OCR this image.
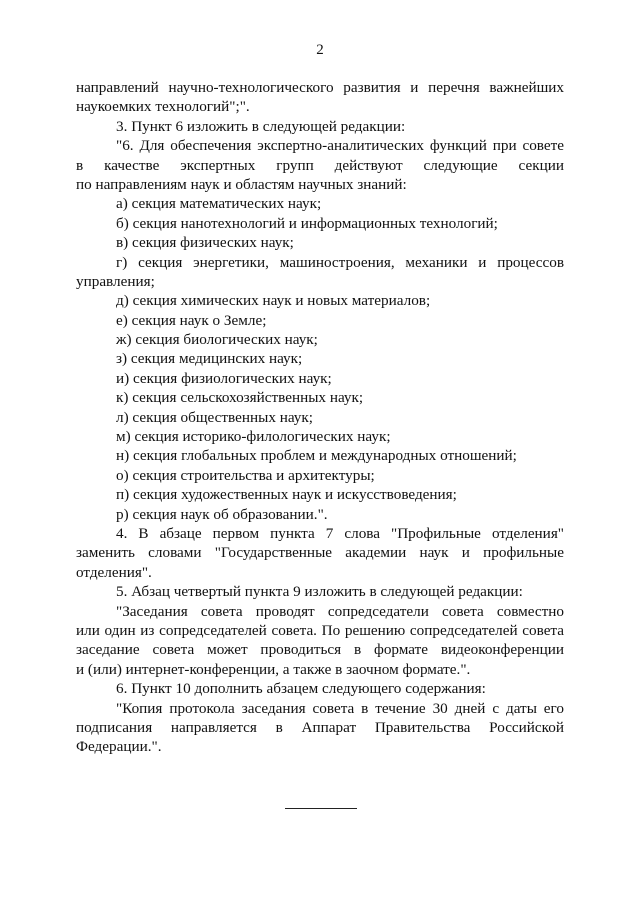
2
направлений научно-технологического развития и перечня важнейших
наукоемких технологий";".
3. Пункт 6 изложить в следующей редакции:
"6. Для обеспечения экспертно-аналитических функций при совете
в качестве экспертных групп действуют следующие секции
по направлениям наук и областям научных знаний:
а) секция математических наук;
б) секция нанотехнологий и информационных технологий;
в) секция физических наук;
г) секция энергетики, машиностроения, механики и процессов
управления;
д) секция химических наук и новых материалов;
е) секция наук о Земле;
ж) секция биологических наук;
з) секция медицинских наук;
и) секция физиологических наук;
к) секция сельскохозяйственных наук;
л) секция общественных наук;
м) секция историко-филологических наук;
н) секция глобальных проблем и международных отношений;
о) секция строительства и архитектуры;
п) секция художественных наук и искусствоведения;
р) секция наук об образовании.".
4. В абзаце первом пункта 7 слова "Профильные отделения"
заменить словами "Государственные академии наук и профильные
отделения".
5. Абзац четвертый пункта 9 изложить в следующей редакции:
"Заседания совета проводят сопредседатели совета совместно
или один из сопредседателей совета. По решению сопредседателей совета
заседание совета может проводиться в формате видеоконференции
и (или) интернет-конференции, а также в заочном формате.".
6. Пункт 10 дополнить абзацем следующего содержания:
"Копия протокола заседания совета в течение 30 дней с даты его
подписания направляется в Аппарат Правительства Российской
Федерации.".
